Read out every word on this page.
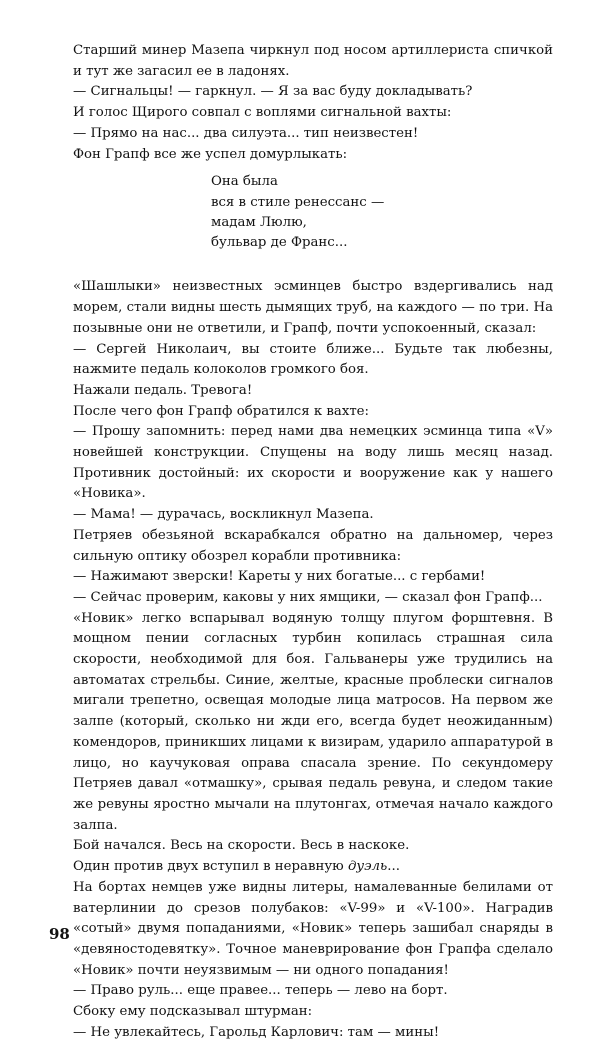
Старший минер Мазепа чиркнул под носом артиллериста спичкой и тут же загасил ее в ладонях.

— Сигнальцы! — гаркнул. — Я за вас буду докладывать?

И голос Щирого совпал с воплями сигнальной вахты:

— Прямо на нас... два силуэта... тип неизвестен!

Фон Грапф все же успел домурлыкать:

Она была
вся в стиле ренессанс —
мадам Люлю,
бульвар де Франс...

«Шашлыки» неизвестных эсминцев быстро вздергивались над морем, стали видны шесть дымящих труб, на каждого — по три. На позывные они не ответили, и Грапф, почти успокоенный, сказал:

— Сергей Николаич, вы стоите ближе... Будьте так любезны, нажмите педаль колоколов громкого боя.

Нажали педаль. Тревога!

После чего фон Грапф обратился к вахте:

— Прошу запомнить: перед нами два немецких эсминца типа «V» новейшей конструкции. Спущены на воду лишь месяц назад. Противник достойный: их скорости и вооружение как у нашего «Новика».

— Мама! — дурачась, воскликнул Мазепа.

Петряев обезьяной вскарабкался обратно на дальномер, через сильную оптику обозрел корабли противника:

— Нажимают зверски! Кареты у них богатые... с гербами!

— Сейчас проверим, каковы у них ямщики, — сказал фон Грапф...

«Новик» легко вспарывал водяную толщу плугом форштевня. В мощном пении согласных турбин копилась страшная сила скорости, необходимой для боя. Гальванеры уже трудились на автоматах стрельбы. Синие, желтые, красные проблески сигналов мигали трепетно, освещая молодые лица матросов. На первом же залпе (который, сколько ни жди его, всегда будет неожиданным) комендоров, приникших лицами к визирам, ударило аппаратурой в лицо, но каучуковая оправа спасала зрение. По секундомеру Петряев давал «отмашку», срывая педаль ревуна, и следом такие же ревуны яростно мычали на плутонгах, отмечая начало каждого залпа.

Бой начался. Весь на скорости. Весь в наскоке.

Один против двух вступил в неравную дуэль...

На бортах немцев уже видны литеры, намалеванные белилами от ватерлинии до срезов полубаков: «V-99» и «V-100». Наградив «сотый» двумя попаданиями, «Новик» теперь зашибал снаряды в «девяностодевятку». Точное маневрирование фон Грапфа сделало «Новик» почти неуязвимым — ни одного попадания!

— Право руль... еще правее... теперь — лево на борт.

Сбоку ему подсказывал штурман:

— Не увлекайтесь, Гарольд Карлович: там — мины!

98
